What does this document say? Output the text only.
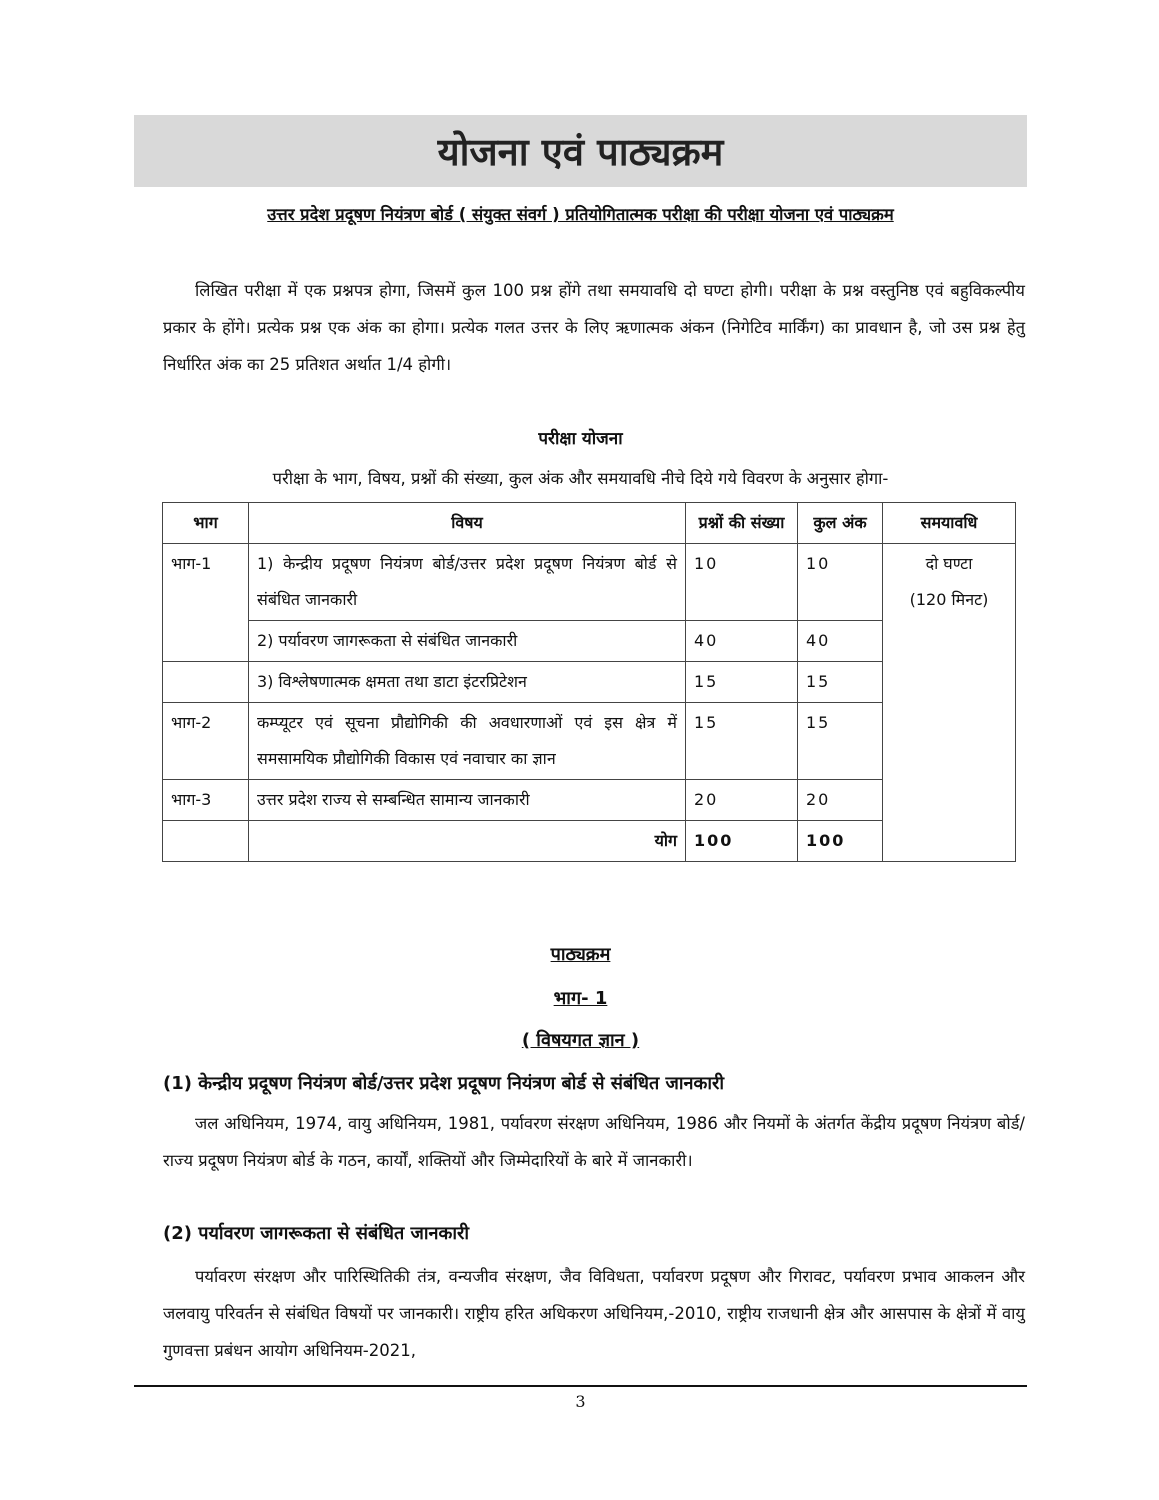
योजना एवं पाठ्यक्रम
उत्तर प्रदेश प्रदूषण नियंत्रण बोर्ड ( संयुक्त संवर्ग ) प्रतियोगितात्मक परीक्षा की परीक्षा योजना एवं पाठ्यक्रम
लिखित परीक्षा में एक प्रश्नपत्र होगा, जिसमें कुल 100 प्रश्न होंगे तथा समयावधि दो घण्टा होगी। परीक्षा के प्रश्न वस्तुनिष्ठ एवं बहुविकल्पीय प्रकार के होंगे। प्रत्येक प्रश्न एक अंक का होगा। प्रत्येक गलत उत्तर के लिए ऋणात्मक अंकन (निगेटिव मार्किंग) का प्रावधान है, जो उस प्रश्न हेतु निर्धारित अंक का 25 प्रतिशत अर्थात 1/4 होगी।
परीक्षा योजना
परीक्षा के भाग, विषय, प्रश्नों की संख्या, कुल अंक और समयावधि नीचे दिये गये विवरण के अनुसार होगा-
भाग	विषय	प्रश्नों की संख्या	कुल अंक	समयावधि
भाग-1	1) केन्द्रीय प्रदूषण नियंत्रण बोर्ड/उत्तर प्रदेश प्रदूषण नियंत्रण बोर्ड से संबंधित जानकारी	10	10	दो घण्टा
(120 मिनट)

	2) पर्यावरण जागरूकता से संबंधित जानकारी	40	40	
	3) विश्लेषणात्मक क्षमता तथा डाटा इंटरप्रिटेशन	15	15	
भाग-2	कम्प्यूटर एवं सूचना प्रौद्योगिकी की अवधारणाओं एवं इस क्षेत्र में समसामयिक प्रौद्योगिकी विकास एवं नवाचार का ज्ञान	15	15	
भाग-3	उत्तर प्रदेश राज्य से सम्बन्धित सामान्य जानकारी	20	20	
	योग	100	100	
पाठ्यक्रम
भाग- 1
( विषयगत ज्ञान )
(1) केन्द्रीय प्रदूषण नियंत्रण बोर्ड/उत्तर प्रदेश प्रदूषण नियंत्रण बोर्ड से संबंधित जानकारी
जल अधिनियम, 1974, वायु अधिनियम, 1981, पर्यावरण संरक्षण अधिनियम, 1986 और नियमों के अंतर्गत केंद्रीय प्रदूषण नियंत्रण बोर्ड/राज्य प्रदूषण नियंत्रण बोर्ड के गठन, कार्यों, शक्तियों और जिम्मेदारियों के बारे में जानकारी।
(2) पर्यावरण जागरूकता से संबंधित जानकारी
पर्यावरण संरक्षण और पारिस्थितिकी तंत्र, वन्यजीव संरक्षण, जैव विविधता, पर्यावरण प्रदूषण और गिरावट, पर्यावरण प्रभाव आकलन और जलवायु परिवर्तन से संबंधित विषयों पर जानकारी। राष्ट्रीय हरित अधिकरण अधिनियम,-2010, राष्ट्रीय राजधानी क्षेत्र और आसपास के क्षेत्रों में वायु गुणवत्ता प्रबंधन आयोग अधिनियम-2021,
3
